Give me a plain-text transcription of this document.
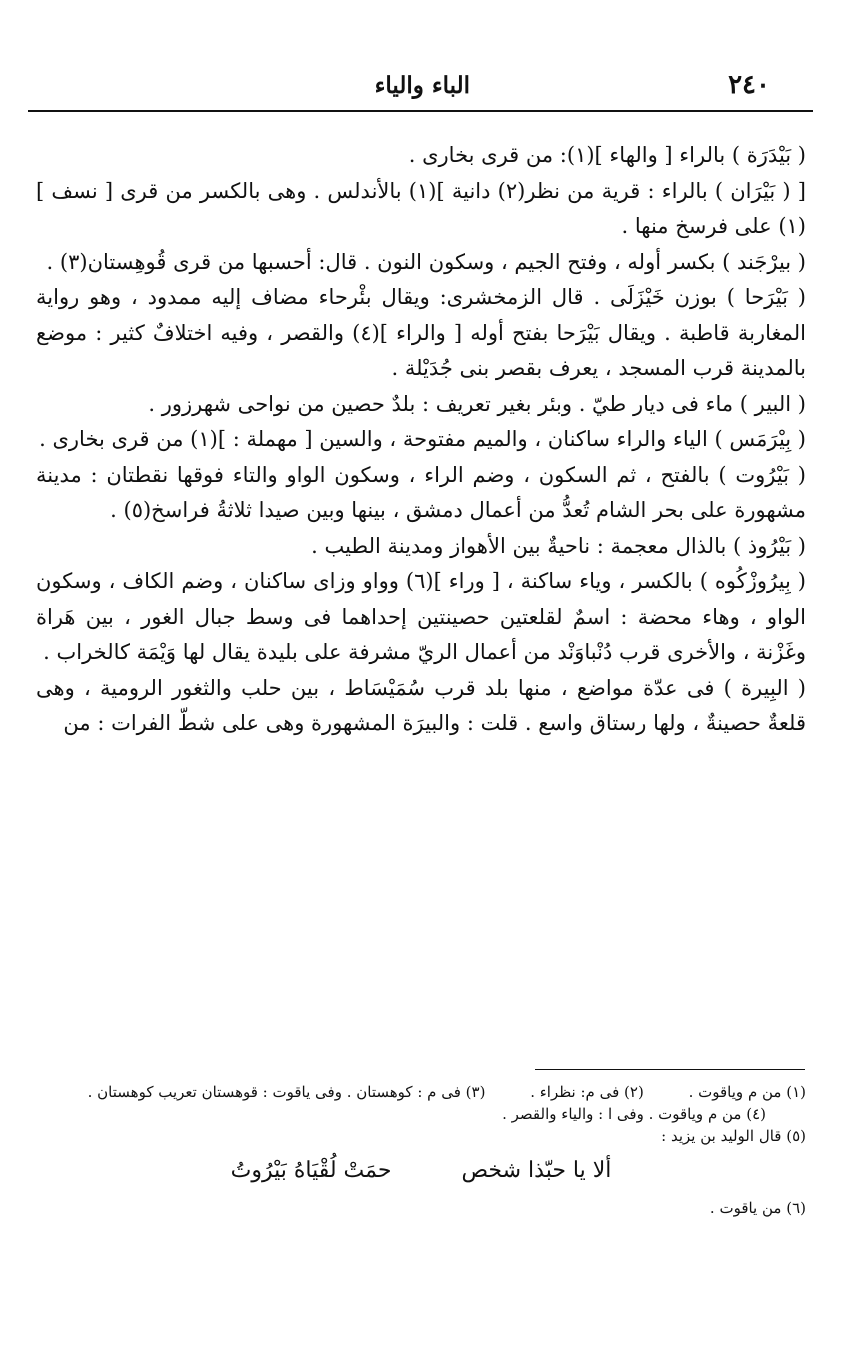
٢٤٠
الباء والياء

( بَيْدَرَة ) بالراء [ والهاء ](١): من قرى بخارى .

[ ( بَيْرَان ) بالراء : قرية من نظر(٢) دانية ](١) بالأندلس . وهى بالكسر من قرى [ نسف ](١) على فرسخ منها .

( بيرْجَند ) بكسر أوله ، وفتح الجيم ، وسكون النون . قال: أحسبها من قرى قُوهِستان(٣) .

( بَيْرَحا ) بوزن خَيْزَلَى . قال الزمخشرى: ويقال بئْرحاء مضاف إليه ممدود ، وهو رواية المغاربة قاطبة . ويقال بَيْرَحا بفتح أوله [ والراء ](٤) والقصر ، وفيه اختلافٌ كثير : موضع بالمدينة قرب المسجد ، يعرف بقصر بنى جُدَيْلة .

( البير ) ماء فى ديار طيّ . وبئر بغير تعريف : بلدٌ حصين من نواحى شهرزور .

( بِيْرَمَس ) الياء والراء ساكنان ، والميم مفتوحة ، والسين [ مهملة : ](١) من قرى بخارى .

( بَيْرُوت ) بالفتح ، ثم السكون ، وضم الراء ، وسكون الواو والتاء فوقها نقطتان : مدينة مشهورة على بحر الشام تُعدُّ من أعمال دمشق ، بينها وبين صيدا ثلاثةُ فراسخ(٥) .

( بَيْرُوذ ) بالذال معجمة : ناحيةٌ بين الأهواز ومدينة الطيب .

( بِيرُوزْكُوه ) بالكسر ، وياء ساكنة ، [ وراء ](٦) وواو وزاى ساكنان ، وضم الكاف ، وسكون الواو ، وهاء محضة : اسمٌ لقلعتين حصينتين إحداهما فى وسط جبال الغور ، بين هَراة وغَزْنة ، والأخرى قرب دُنْباوَنْد من أعمال الريّ مشرفة على بليدة يقال لها وَيْمَة كالخراب .

( البِيرة ) فى عدّة مواضع ، منها بلد قرب سُمَيْسَاط ، بين حلب والثغور الرومية ، وهى قلعةٌ حصينةٌ ، ولها رستاق واسع . قلت : والبيرَة المشهورة وهى على شطّ الفرات : من

(١) من م وياقوت . (٢) فى م: نظراء . (٣) فى م : كوهستان . وفى ياقوت : قوهستان تعريب كوهستان . (٤) من م وياقوت . وفى ا : والياء والقصر .

(٥) قال الوليد بن يزيد :

ألا يا حبّذا شخص
حمَتْ لُقْيَاهُ بَيْرُوتُ

(٦) من ياقوت .
